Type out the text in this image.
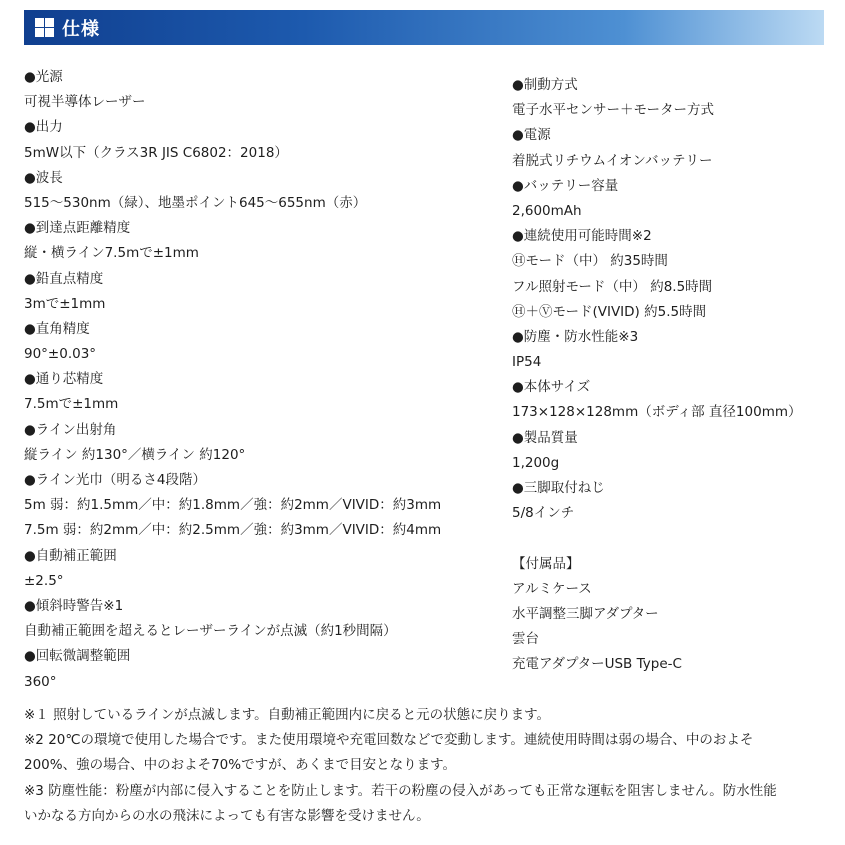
仕様
● 光源
可視半導体レーザー
● 出力
5mW以下（クラス3R JIS C6802：2018）
● 波長
515～530nm（緑）、地墨ポイント645～655nm（赤）
● 到達点距離精度
縦・横ライン7.5mで±1mm
● 鉛直点精度
3mで±1mm
● 直角精度
90°±0.03°
● 通り芯精度
7.5mで±1mm
● ライン出射角
縦ライン 約130°／横ライン 約120°
● ライン光巾（明るさ4段階）
5m 弱：約1.5mm／中：約1.8mm／強：約2mm／VIVID：約3mm
7.5m 弱：約2mm／中：約2.5mm／強：約3mm／VIVID：約4mm
● 自動補正範囲
±2.5°
● 傾斜時警告※1
自動補正範囲を超えるとレーザーラインが点滅（約1秒間隔）
● 回転微調整範囲
360°
● 制動方式
電子水平センサー＋モーター方式
● 電源
着脱式リチウムイオンバッテリー
● バッテリー容量
2,600mAh
● 連続使用可能時間※2
Ⓗモード（中） 約35時間
フル照射モード（中） 約8.5時間
Ⓗ＋Ⓥモード(VIVID) 約5.5時間
● 防塵・防水性能※3
IP54
● 本体サイズ
173×128×128mm（ボディ部 直径100mm）
● 製品質量
1,200g
● 三脚取付ねじ
5/8インチ
【付属品】
アルミケース
水平調整三脚アダプター
雲台
充電アダプターUSB Type-C
※１ 照射しているラインが点滅します。自動補正範囲内に戻ると元の状態に戻ります。
※2 20℃の環境で使用した場合です。また使用環境や充電回数などで変動します。連続使用時間は弱の場合、中のおよそ
200%、強の場合、中のおよそ70%ですが、あくまで目安となります。
※3 防塵性能：粉塵が内部に侵入することを防止します。若干の粉塵の侵入があっても正常な運転を阻害しません。防水性能
いかなる方向からの水の飛沫によっても有害な影響を受けません。
